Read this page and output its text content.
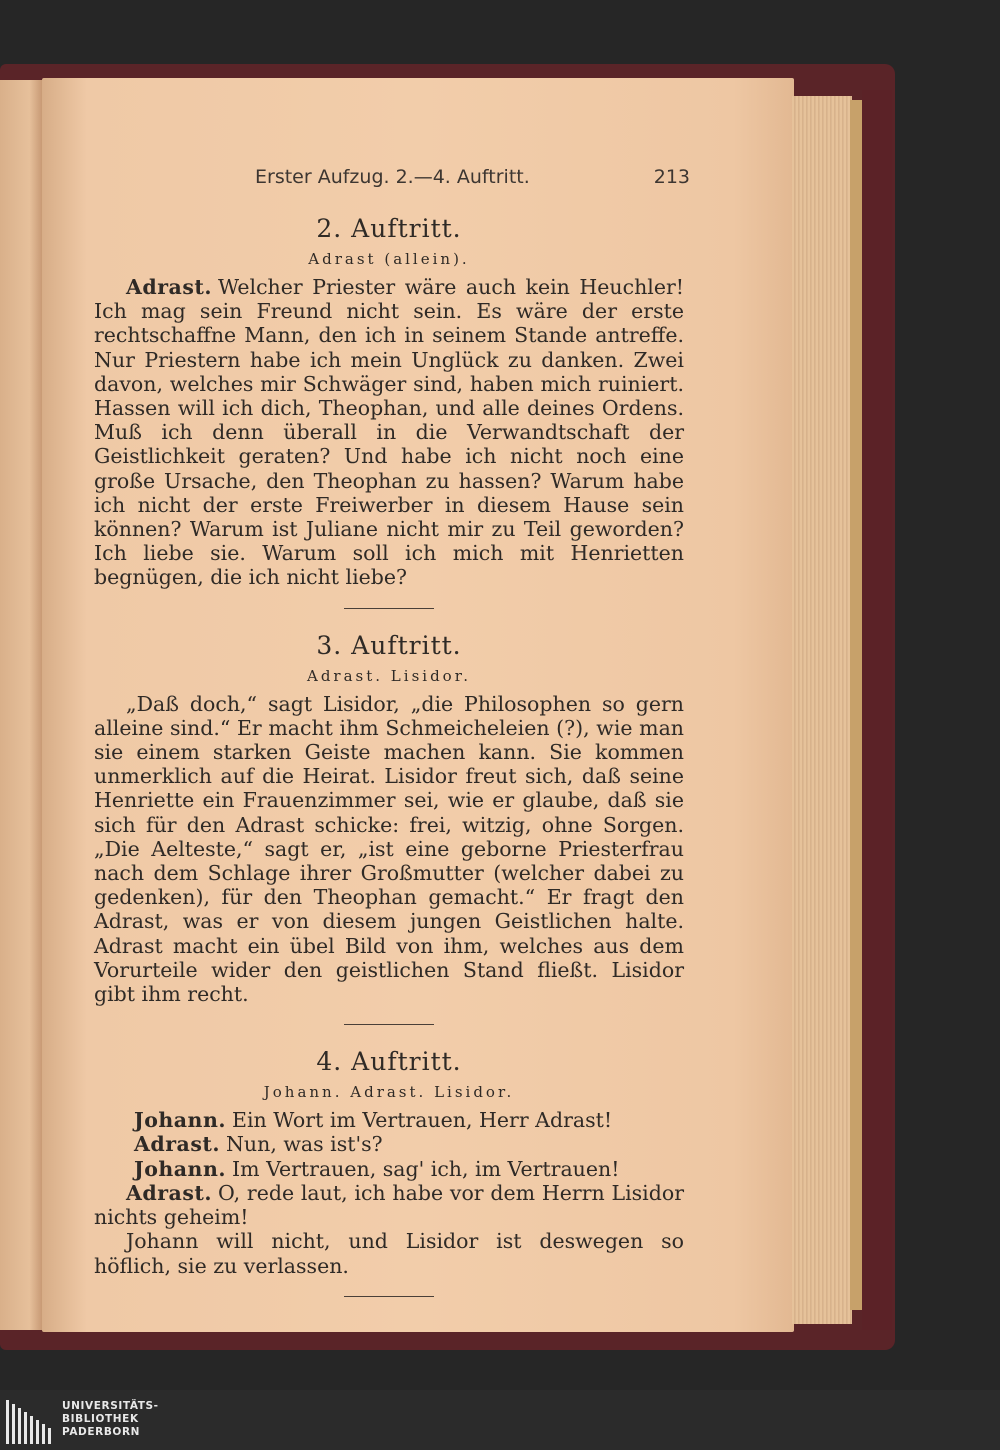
Erster Aufzug. 2.—4. Auftritt.	213
2. Auftritt.
Adrast (allein).

Adrast. Welcher Priester wäre auch kein Heuchler! Ich mag sein Freund nicht sein. Es wäre der erste rechtschaffne Mann, den ich in seinem Stande antreffe. Nur Priestern habe ich mein Unglück zu danken. Zwei davon, welches mir Schwäger sind, haben mich ruiniert. Hassen will ich dich, Theophan, und alle deines Ordens. Muß ich denn überall in die Verwandtschaft der Geistlichkeit geraten? Und habe ich nicht noch eine große Ursache, den Theophan zu hassen? Warum habe ich nicht der erste Freiwerber in diesem Hause sein können? Warum ist Juliane nicht mir zu Teil geworden? Ich liebe sie. Warum soll ich mich mit Henrietten begnügen, die ich nicht liebe?

3. Auftritt.
Adrast. Lisidor.

„Daß doch,“ sagt Lisidor, „die Philosophen so gern alleine sind.“ Er macht ihm Schmeicheleien (?), wie man sie einem starken Geiste machen kann. Sie kommen unmerklich auf die Heirat. Lisidor freut sich, daß seine Henriette ein Frauenzimmer sei, wie er glaube, daß sie sich für den Adrast schicke: frei, witzig, ohne Sorgen. „Die Aelteste,“ sagt er, „ist eine geborne Priesterfrau nach dem Schlage ihrer Großmutter (welcher dabei zu gedenken), für den Theophan gemacht.“ Er fragt den Adrast, was er von diesem jungen Geistlichen halte. Adrast macht ein übel Bild von ihm, welches aus dem Vorurteile wider den geistlichen Stand fließt. Lisidor gibt ihm recht.

4. Auftritt.
Johann. Adrast. Lisidor.
Johann. Ein Wort im Vertrauen, Herr Adrast!
Adrast. Nun, was ist's?
Johann. Im Vertrauen, sag' ich, im Vertrauen!

Adrast. O, rede laut, ich habe vor dem Herrn Lisidor nichts geheim!

Johann will nicht, und Lisidor ist deswegen so höflich, sie zu verlassen.

UNIVERSITÄTS-
BIBLIOTHEK
PADERBORN
